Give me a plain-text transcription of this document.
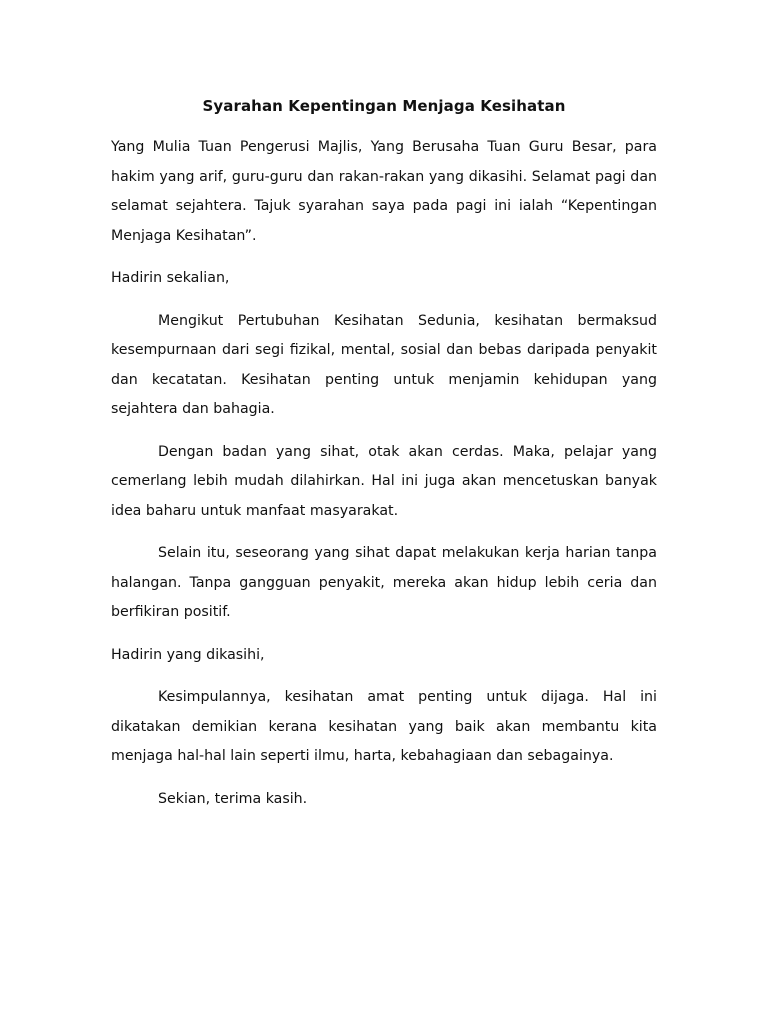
Syarahan Kepentingan Menjaga Kesihatan

Yang Mulia Tuan Pengerusi Majlis, Yang Berusaha Tuan Guru Besar, para hakim yang arif, guru-guru dan rakan-rakan yang dikasihi. Selamat pagi dan selamat sejahtera. Tajuk syarahan saya pada pagi ini ialah “Kepentingan Menjaga Kesihatan”.

Hadirin sekalian,

Mengikut Pertubuhan Kesihatan Sedunia, kesihatan bermaksud kesempurnaan dari segi fizikal, mental, sosial dan bebas daripada penyakit dan kecatatan. Kesihatan penting untuk menjamin kehidupan yang sejahtera dan bahagia.

Dengan badan yang sihat, otak akan cerdas. Maka, pelajar yang cemerlang lebih mudah dilahirkan. Hal ini juga akan mencetuskan banyak idea baharu untuk manfaat masyarakat.

Selain itu, seseorang yang sihat dapat melakukan kerja harian tanpa halangan. Tanpa gangguan penyakit, mereka akan hidup lebih ceria dan berfikiran positif.

Hadirin yang dikasihi,

Kesimpulannya, kesihatan amat penting untuk dijaga. Hal ini dikatakan demikian kerana kesihatan yang baik akan membantu kita menjaga hal-hal lain seperti ilmu, harta, kebahagiaan dan sebagainya.

Sekian, terima kasih.
